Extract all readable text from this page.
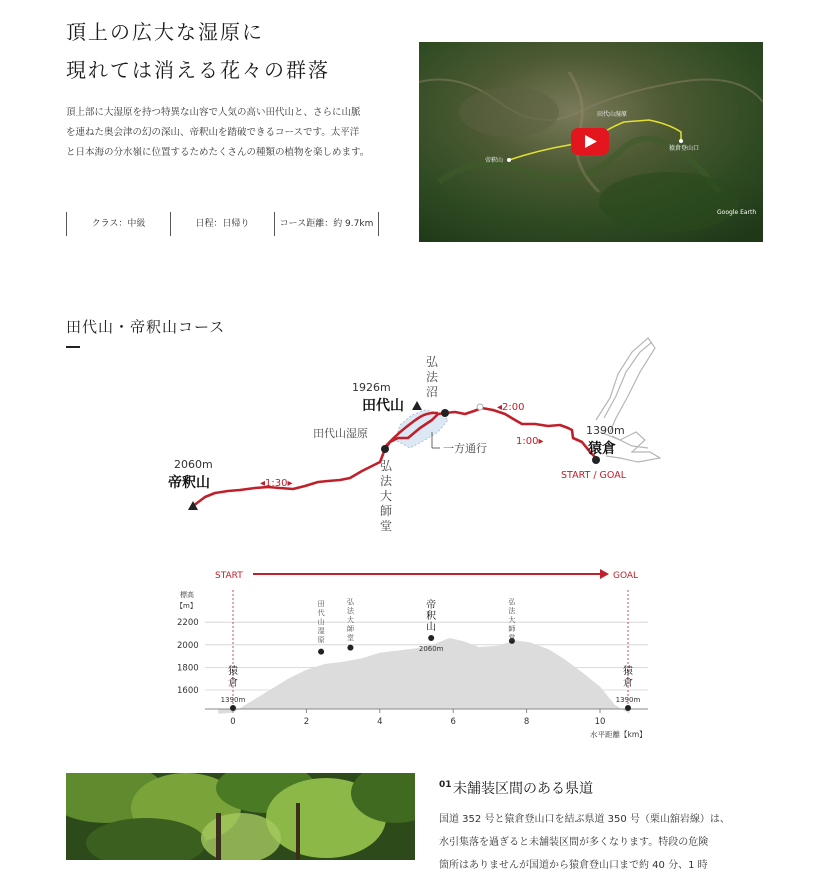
頂上の広大な湿原に
現れては消える花々の群落
頂上部に大湿原を持つ特異な山容で人気の高い田代山と、さらに山脈
を連ねた奥会津の幻の深山、帝釈山を踏破できるコースです。太平洋
と日本海の分水嶺に位置するためたくさんの種類の植物を楽しめます。
クラス：中級	日程：日帰り	コース距離：約 9.7km
田代山湿原
帝釈山
猿倉登山口
Google Earth
田代山・帝釈山コース
2060m
帝釈山	◂1:30▸
1926m
田代山
田代山湿原
一方通行
◂2:00
1:00▸
1390m
猿倉
START / GOAL
弘
法
沼
弘
法
大
師
堂
START	GOAL
標高
【m】
2200
2000
1800
1600
0	2	4	6	8	10
田
代
山
湿
原
弘
法
大
師
堂
帝
釈
山
2060m
弘
法
大
師
堂
猿
倉
1390m
猿
倉
1390m
水平距離【km】
01 未舗装区間のある県道
国道 352 号と猿倉登山口を結ぶ県道 350 号（栗山舘岩線）は、
水引集落を過ぎると未舗装区間が多くなります。特段の危険
箇所はありませんが国道から猿倉登山口まで約 40 分、1 時
